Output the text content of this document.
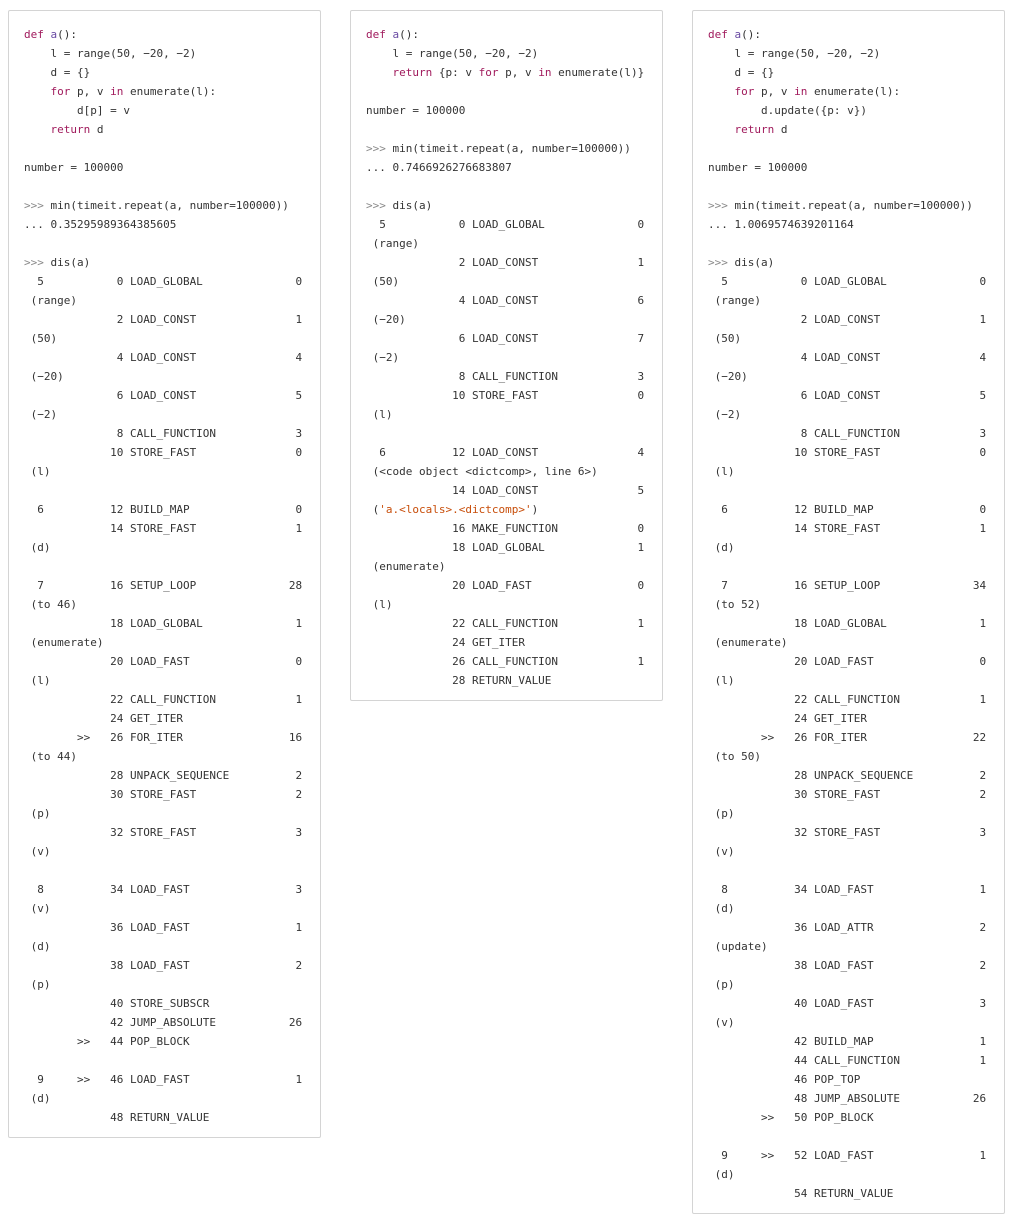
def a():
l = range(50, −20, −2)
d = {}
for p, v in enumerate(l):
d[p] = v
return d
number = 100000
>>> min(timeit.repeat(a, number=100000))
... 0.35295989364385605
>>> dis(a)
5           0 LOAD_GLOBAL              0
(range)
2 LOAD_CONST               1
(50)
4 LOAD_CONST               4
(−20)
6 LOAD_CONST               5
(−2)
8 CALL_FUNCTION            3
10 STORE_FAST               0
(l)
6          12 BUILD_MAP                0
14 STORE_FAST               1
(d)
7          16 SETUP_LOOP              28
(to 46)
18 LOAD_GLOBAL              1
(enumerate)
20 LOAD_FAST                0
(l)
22 CALL_FUNCTION            1
24 GET_ITER
>>   26 FOR_ITER                16
(to 44)
28 UNPACK_SEQUENCE          2
30 STORE_FAST               2
(p)
32 STORE_FAST               3
(v)
8          34 LOAD_FAST                3
(v)
36 LOAD_FAST                1
(d)
38 LOAD_FAST                2
(p)
40 STORE_SUBSCR
42 JUMP_ABSOLUTE           26
>>   44 POP_BLOCK
9     >>   46 LOAD_FAST                1
(d)
48 RETURN_VALUE
def a():
l = range(50, −20, −2)
return {p: v for p, v in enumerate(l)}
number = 100000
>>> min(timeit.repeat(a, number=100000))
... 0.7466926276683807
>>> dis(a)
5           0 LOAD_GLOBAL              0
(range)
2 LOAD_CONST               1
(50)
4 LOAD_CONST               6
(−20)
6 LOAD_CONST               7
(−2)
8 CALL_FUNCTION            3
10 STORE_FAST               0
(l)
6          12 LOAD_CONST               4
(<code object <dictcomp>, line 6>)
14 LOAD_CONST               5
('a.<locals>.<dictcomp>')
16 MAKE_FUNCTION            0
18 LOAD_GLOBAL              1
(enumerate)
20 LOAD_FAST                0
(l)
22 CALL_FUNCTION            1
24 GET_ITER
26 CALL_FUNCTION            1
28 RETURN_VALUE
def a():
l = range(50, −20, −2)
d = {}
for p, v in enumerate(l):
d.update({p: v})
return d
number = 100000
>>> min(timeit.repeat(a, number=100000))
... 1.0069574639201164
>>> dis(a)
5           0 LOAD_GLOBAL              0
(range)
2 LOAD_CONST               1
(50)
4 LOAD_CONST               4
(−20)
6 LOAD_CONST               5
(−2)
8 CALL_FUNCTION            3
10 STORE_FAST               0
(l)
6          12 BUILD_MAP                0
14 STORE_FAST               1
(d)
7          16 SETUP_LOOP              34
(to 52)
18 LOAD_GLOBAL              1
(enumerate)
20 LOAD_FAST                0
(l)
22 CALL_FUNCTION            1
24 GET_ITER
>>   26 FOR_ITER                22
(to 50)
28 UNPACK_SEQUENCE          2
30 STORE_FAST               2
(p)
32 STORE_FAST               3
(v)
8          34 LOAD_FAST                1
(d)
36 LOAD_ATTR                2
(update)
38 LOAD_FAST                2
(p)
40 LOAD_FAST                3
(v)
42 BUILD_MAP                1
44 CALL_FUNCTION            1
46 POP_TOP
48 JUMP_ABSOLUTE           26
>>   50 POP_BLOCK
9     >>   52 LOAD_FAST                1
(d)
54 RETURN_VALUE
